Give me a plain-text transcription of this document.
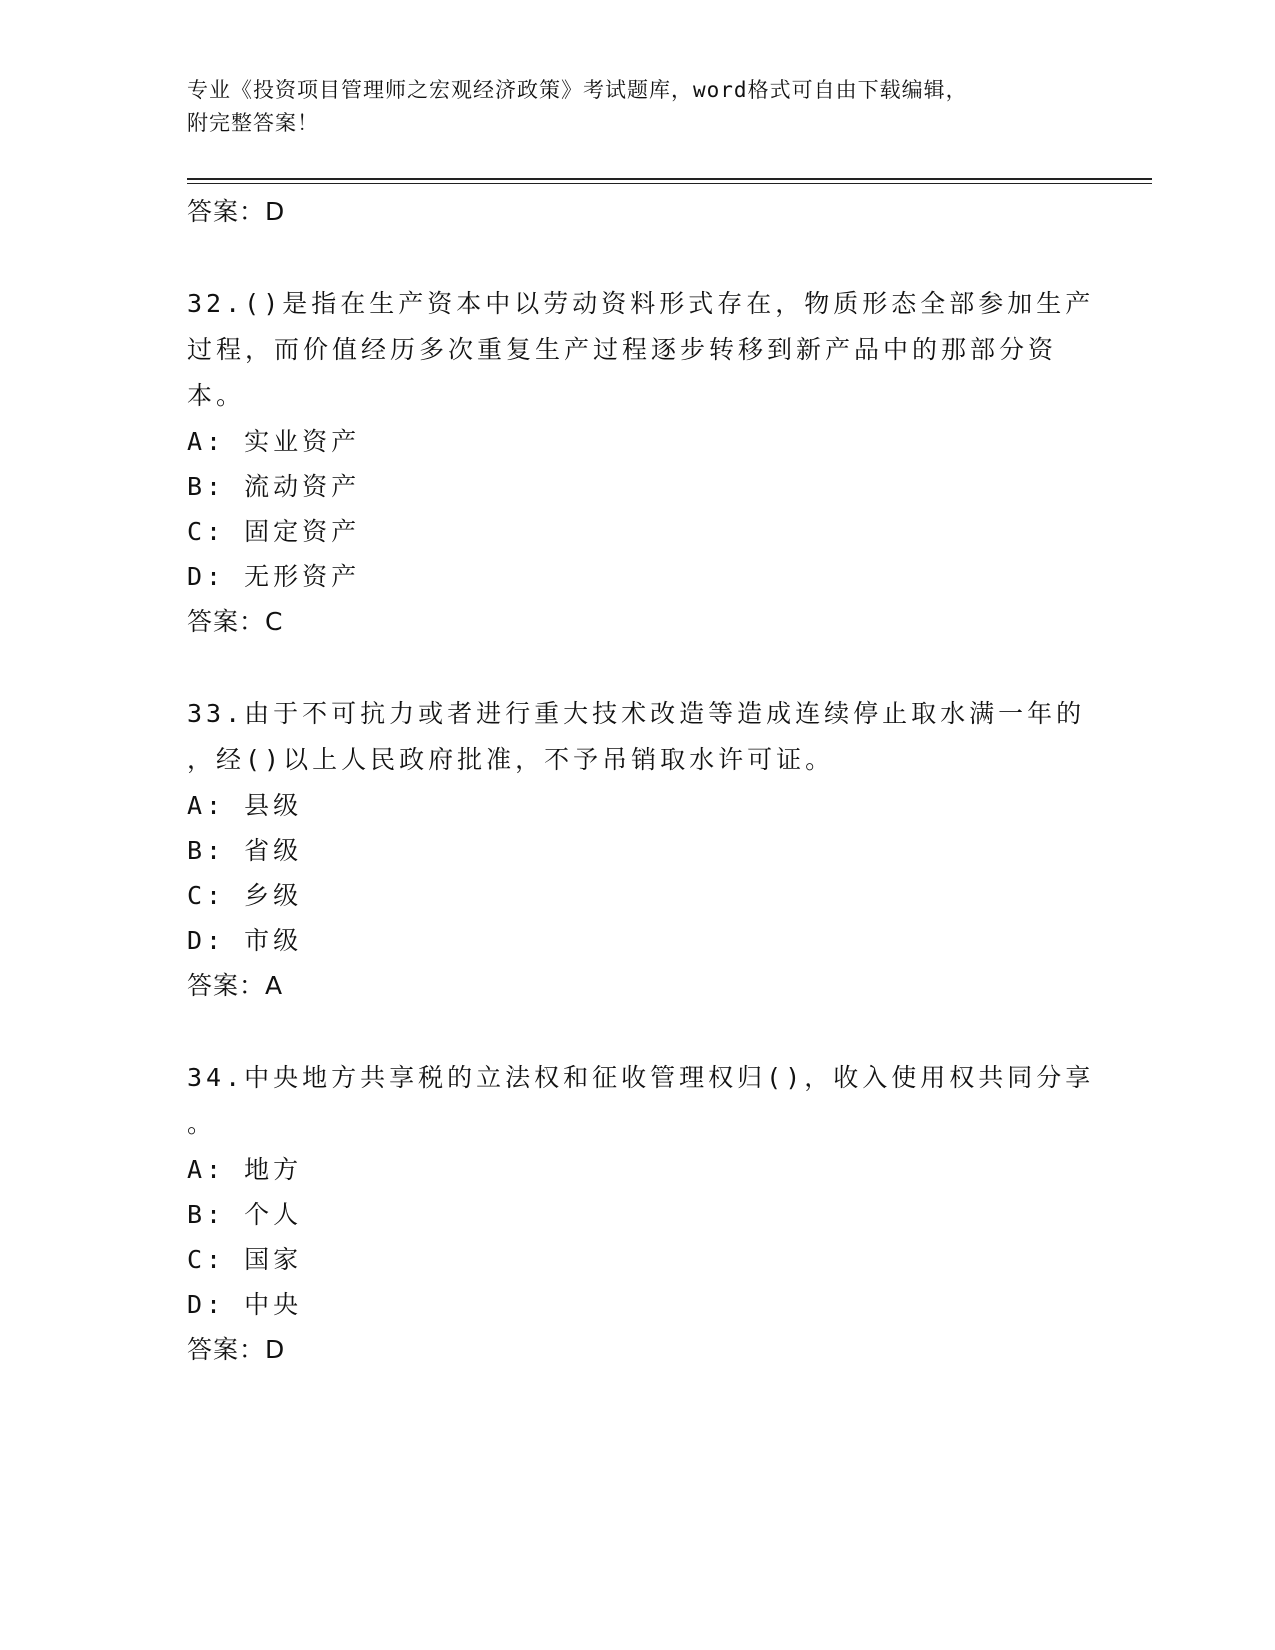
专业《投资项目管理师之宏观经济政策》考试题库，word格式可自由下载编辑，
附完整答案！
答案：D
32.()是指在生产资本中以劳动资料形式存在，物质形态全部参加生产
过程，而价值经历多次重复生产过程逐步转移到新产品中的那部分资
本。
A: 实业资产
B: 流动资产
C: 固定资产
D: 无形资产
答案：C
33.由于不可抗力或者进行重大技术改造等造成连续停止取水满一年的
，经()以上人民政府批准，不予吊销取水许可证。
A: 县级
B: 省级
C: 乡级
D: 市级
答案：A
34.中央地方共享税的立法权和征收管理权归()，收入使用权共同分享
。
A: 地方
B: 个人
C: 国家
D: 中央
答案：D
